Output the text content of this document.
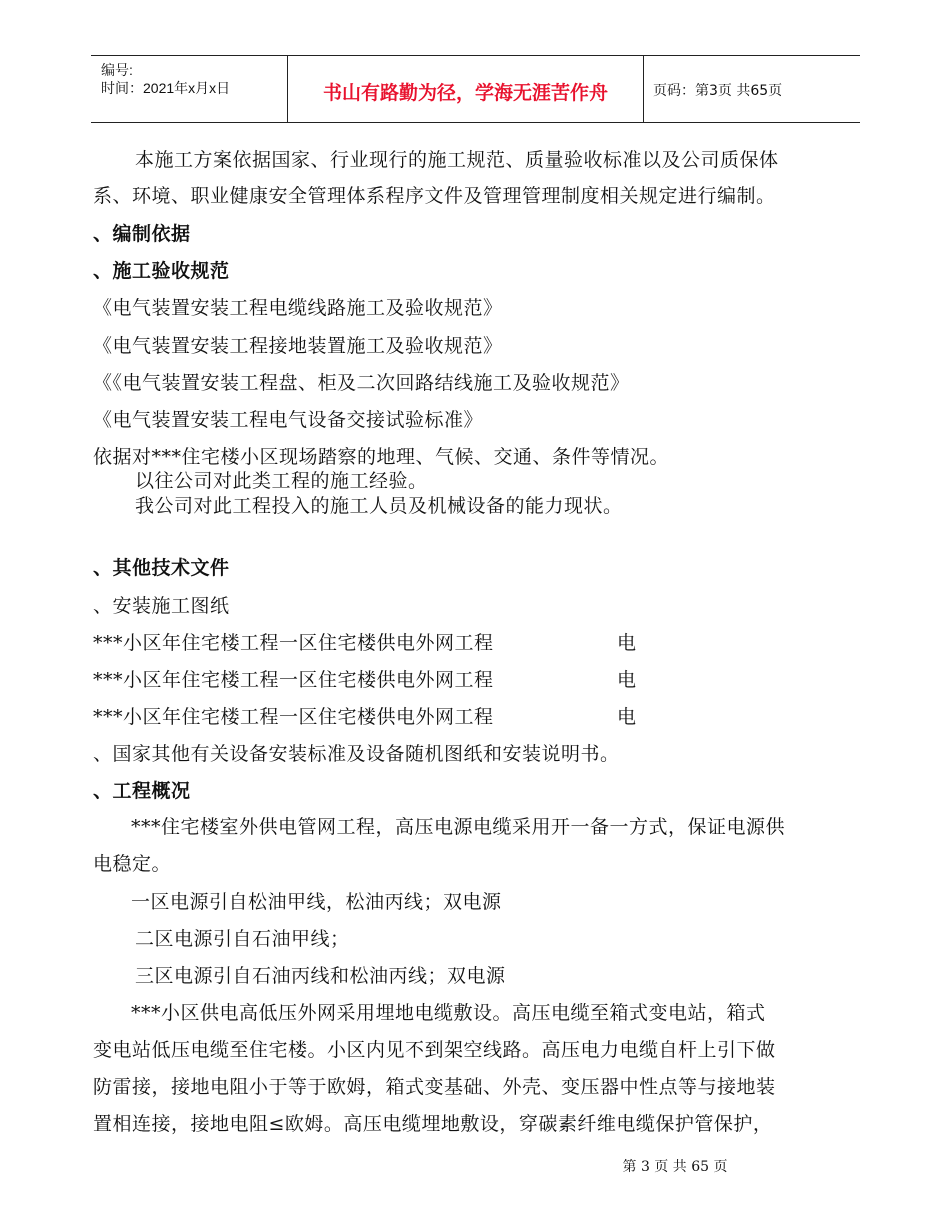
编号:
时间：2021年x月x日	书山有路勤为径，学海无涯苦作舟	页码：第3页 共65页
本施工方案依据国家、行业现行的施工规范、质量验收标准以及公司质保体
系、环境、职业健康安全管理体系程序文件及管理管理制度相关规定进行编制。
、编制依据
、施工验收规范
《电气装置安装工程电缆线路施工及验收规范》
《电气装置安装工程接地装置施工及验收规范》
《《电气装置安装工程盘、柜及二次回路结线施工及验收规范》
《电气装置安装工程电气设备交接试验标准》
依据对***住宅楼小区现场踏察的地理、气候、交通、条件等情况。
以往公司对此类工程的施工经验。
我公司对此工程投入的施工人员及机械设备的能力现状。
、其他技术文件
、安装施工图纸
***小区年住宅楼工程一区住宅楼供电外网工程	电
***小区年住宅楼工程一区住宅楼供电外网工程	电
***小区年住宅楼工程一区住宅楼供电外网工程	电
、国家其他有关设备安装标准及设备随机图纸和安装说明书。
、工程概况
***住宅楼室外供电管网工程，高压电源电缆采用开一备一方式，保证电源供
电稳定。
一区电源引自松油甲线，松油丙线；双电源
二区电源引自石油甲线；
三区电源引自石油丙线和松油丙线；双电源
***小区供电高低压外网采用埋地电缆敷设。高压电缆至箱式变电站，箱式
变电站低压电缆至住宅楼。小区内见不到架空线路。高压电力电缆自杆上引下做
防雷接，接地电阻小于等于欧姆，箱式变基础、外壳、变压器中性点等与接地装
置相连接，接地电阻≤欧姆。高压电缆埋地敷设，穿碳素纤维电缆保护管保护，
第 3 页 共 65 页
